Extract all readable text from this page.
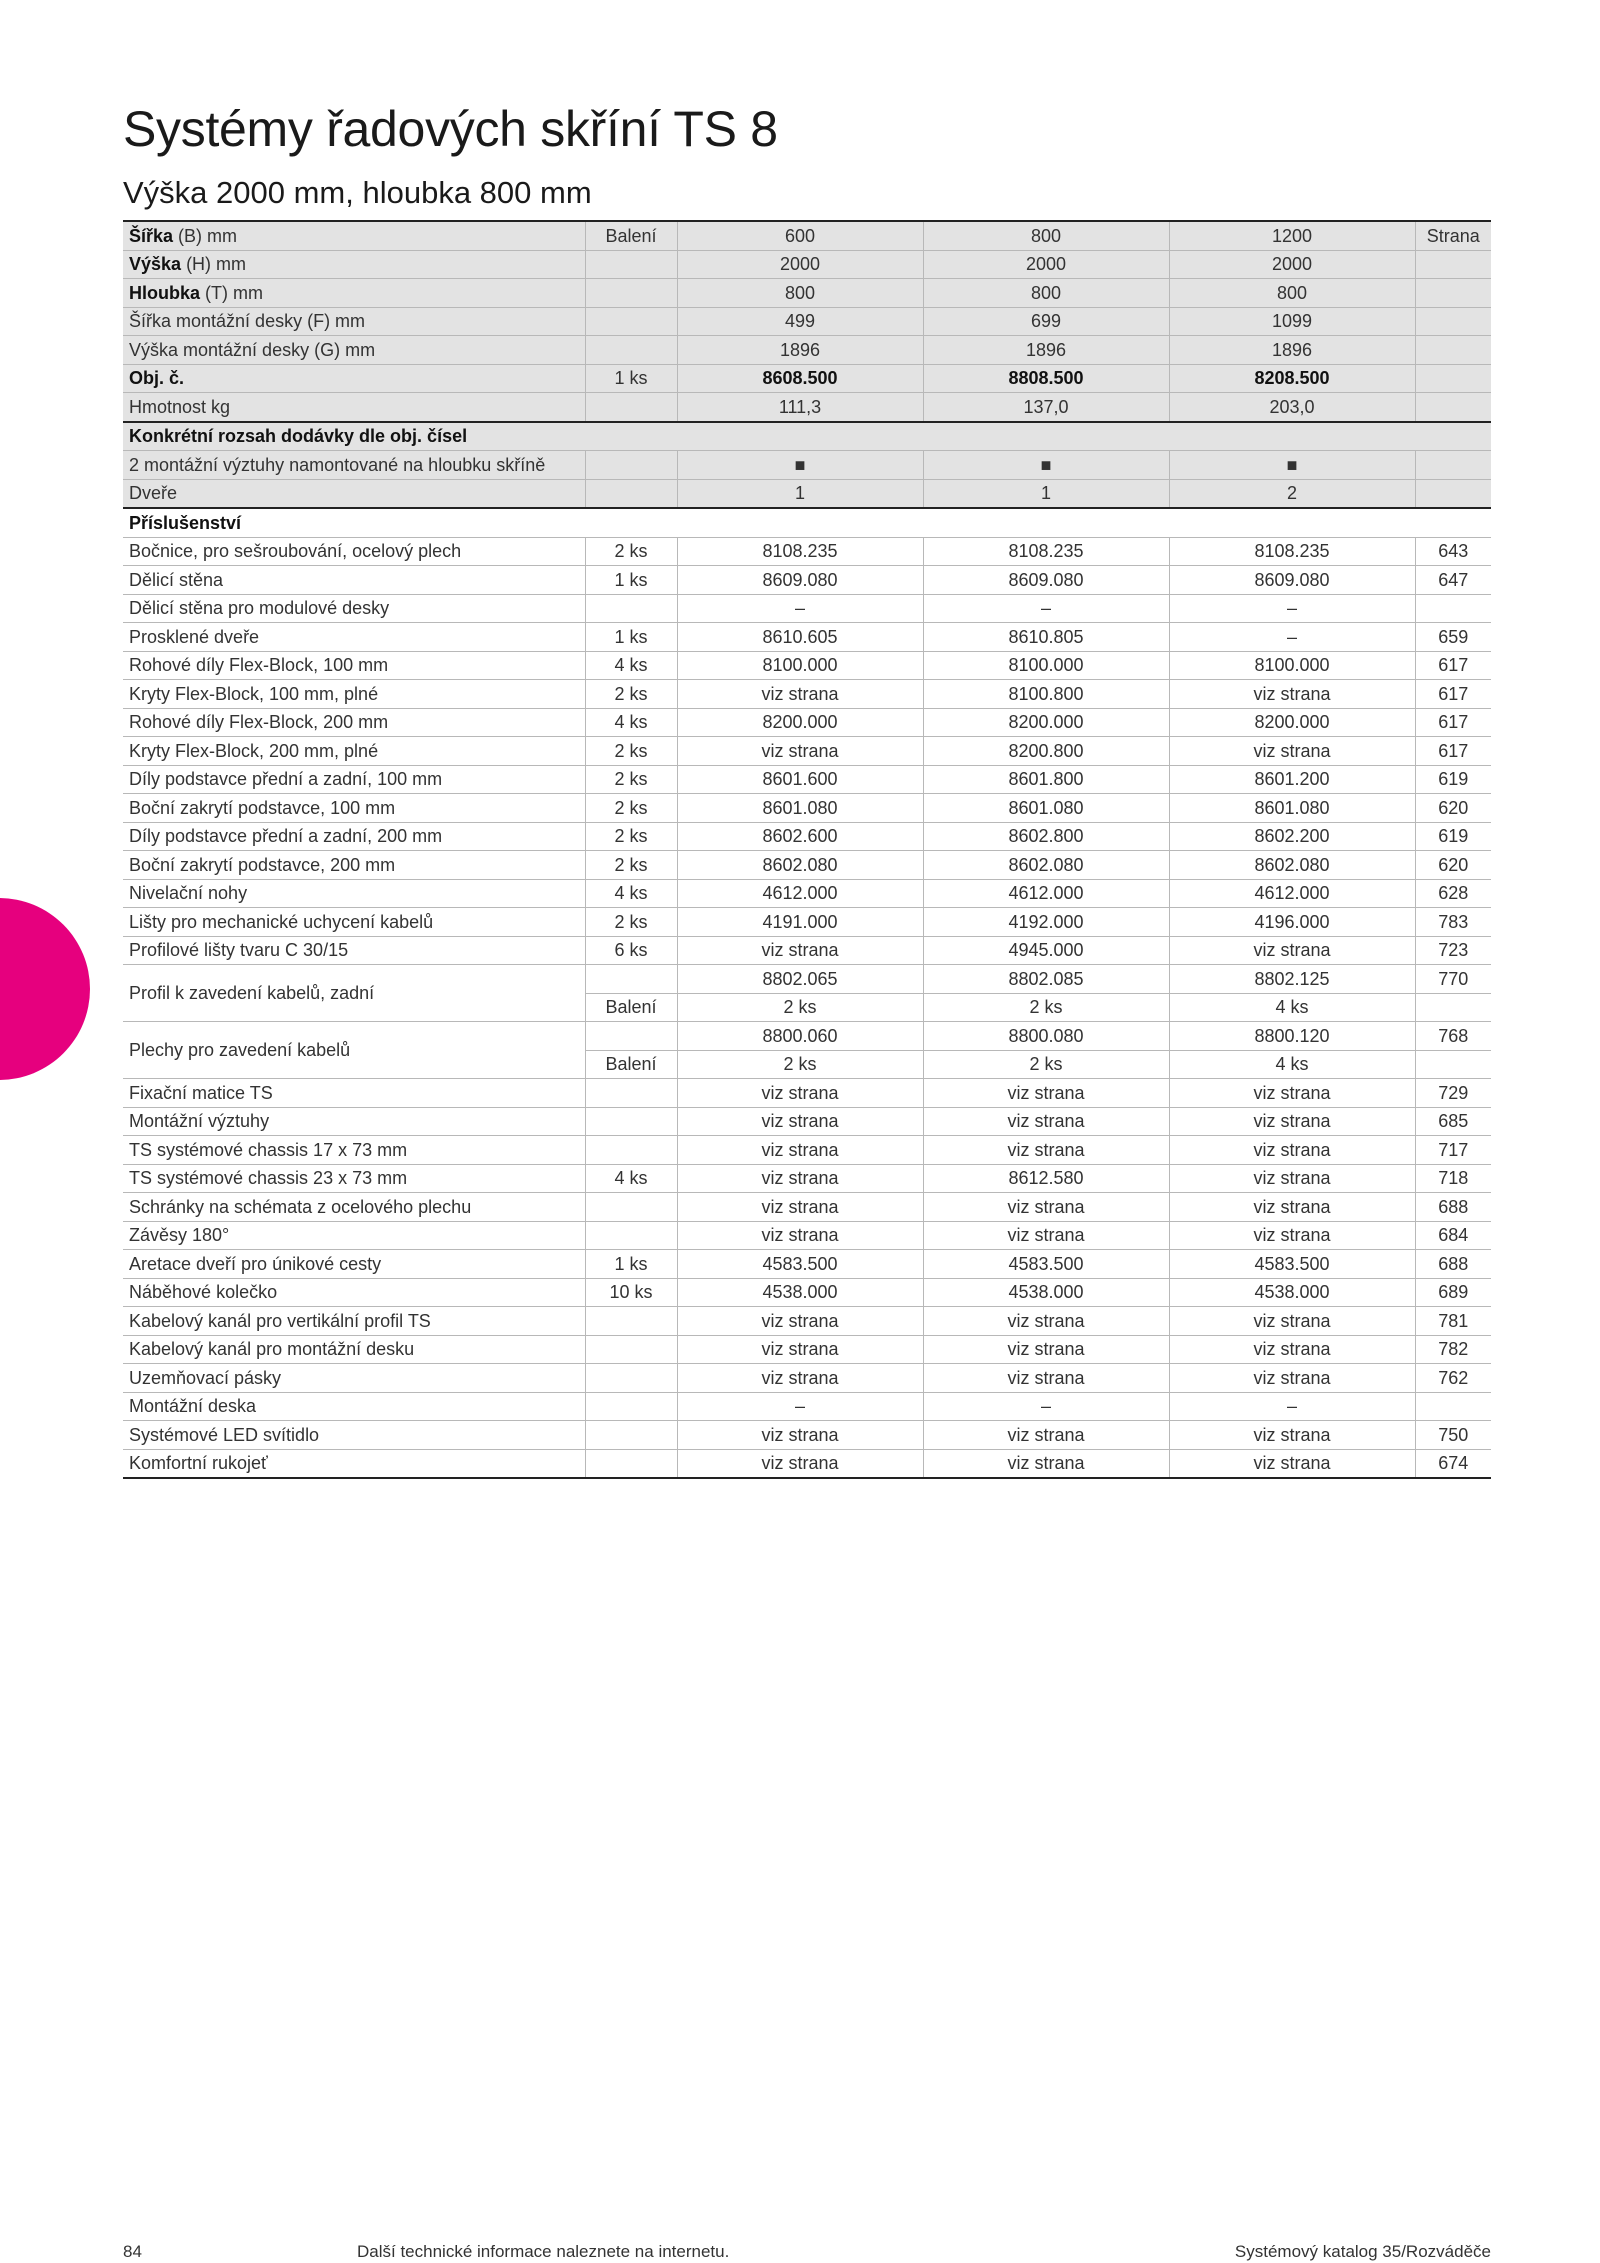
Systémy řadových skříní TS 8
Výška 2000 mm, hloubka 800 mm
Šířka (B) mm	Balení	600	800	1200	Strana
Výška (H) mm		2000	2000	2000	
Hloubka (T) mm		800	800	800	
Šířka montážní desky (F) mm		499	699	1099	
Výška montážní desky (G) mm		1896	1896	1896	
Obj. č.	1 ks	8608.500	8808.500	8208.500	
Hmotnost kg		111,3	137,0	203,0	
Konkrétní rozsah dodávky dle obj. čísel					
2 montážní výztuhy namontované na hloubku skříně		■	■	■	
Dveře		1	1	2	
Příslušenství					
Bočnice, pro sešroubování, ocelový plech	2 ks	8108.235	8108.235	8108.235	643
Dělicí stěna	1 ks	8609.080	8609.080	8609.080	647
Dělicí stěna pro modulové desky		–	–	–	
Prosklené dveře	1 ks	8610.605	8610.805	–	659
Rohové díly Flex-Block, 100 mm	4 ks	8100.000	8100.000	8100.000	617
Kryty Flex-Block, 100 mm, plné	2 ks	viz strana	8100.800	viz strana	617
Rohové díly Flex-Block, 200 mm	4 ks	8200.000	8200.000	8200.000	617
Kryty Flex-Block, 200 mm, plné	2 ks	viz strana	8200.800	viz strana	617
Díly podstavce přední a zadní, 100 mm	2 ks	8601.600	8601.800	8601.200	619
Boční zakrytí podstavce, 100 mm	2 ks	8601.080	8601.080	8601.080	620
Díly podstavce přední a zadní, 200 mm	2 ks	8602.600	8602.800	8602.200	619
Boční zakrytí podstavce, 200 mm	2 ks	8602.080	8602.080	8602.080	620
Nivelační nohy	4 ks	4612.000	4612.000	4612.000	628
Lišty pro mechanické uchycení kabelů	2 ks	4191.000	4192.000	4196.000	783
Profilové lišty tvaru C 30/15	6 ks	viz strana	4945.000	viz strana	723
Profil k zavedení kabelů, zadní		8802.065	8802.085	8802.125	770
	Balení	2 ks	2 ks	4 ks	
Plechy pro zavedení kabelů		8800.060	8800.080	8800.120	768
	Balení	2 ks	2 ks	4 ks	
Fixační matice TS		viz strana	viz strana	viz strana	729
Montážní výztuhy		viz strana	viz strana	viz strana	685
TS systémové chassis 17 x 73 mm		viz strana	viz strana	viz strana	717
TS systémové chassis 23 x 73 mm	4 ks	viz strana	8612.580	viz strana	718
Schránky na schémata z ocelového plechu		viz strana	viz strana	viz strana	688
Závěsy 180°		viz strana	viz strana	viz strana	684
Aretace dveří pro únikové cesty	1 ks	4583.500	4583.500	4583.500	688
Náběhové kolečko	10 ks	4538.000	4538.000	4538.000	689
Kabelový kanál pro vertikální profil TS		viz strana	viz strana	viz strana	781
Kabelový kanál pro montážní desku		viz strana	viz strana	viz strana	782
Uzemňovací pásky		viz strana	viz strana	viz strana	762
Montážní deska		–	–	–	
Systémové LED svítidlo		viz strana	viz strana	viz strana	750
Komfortní rukojeť		viz strana	viz strana	viz strana	674
84	Další technické informace naleznete na internetu.	Systémový katalog 35/Rozváděče
